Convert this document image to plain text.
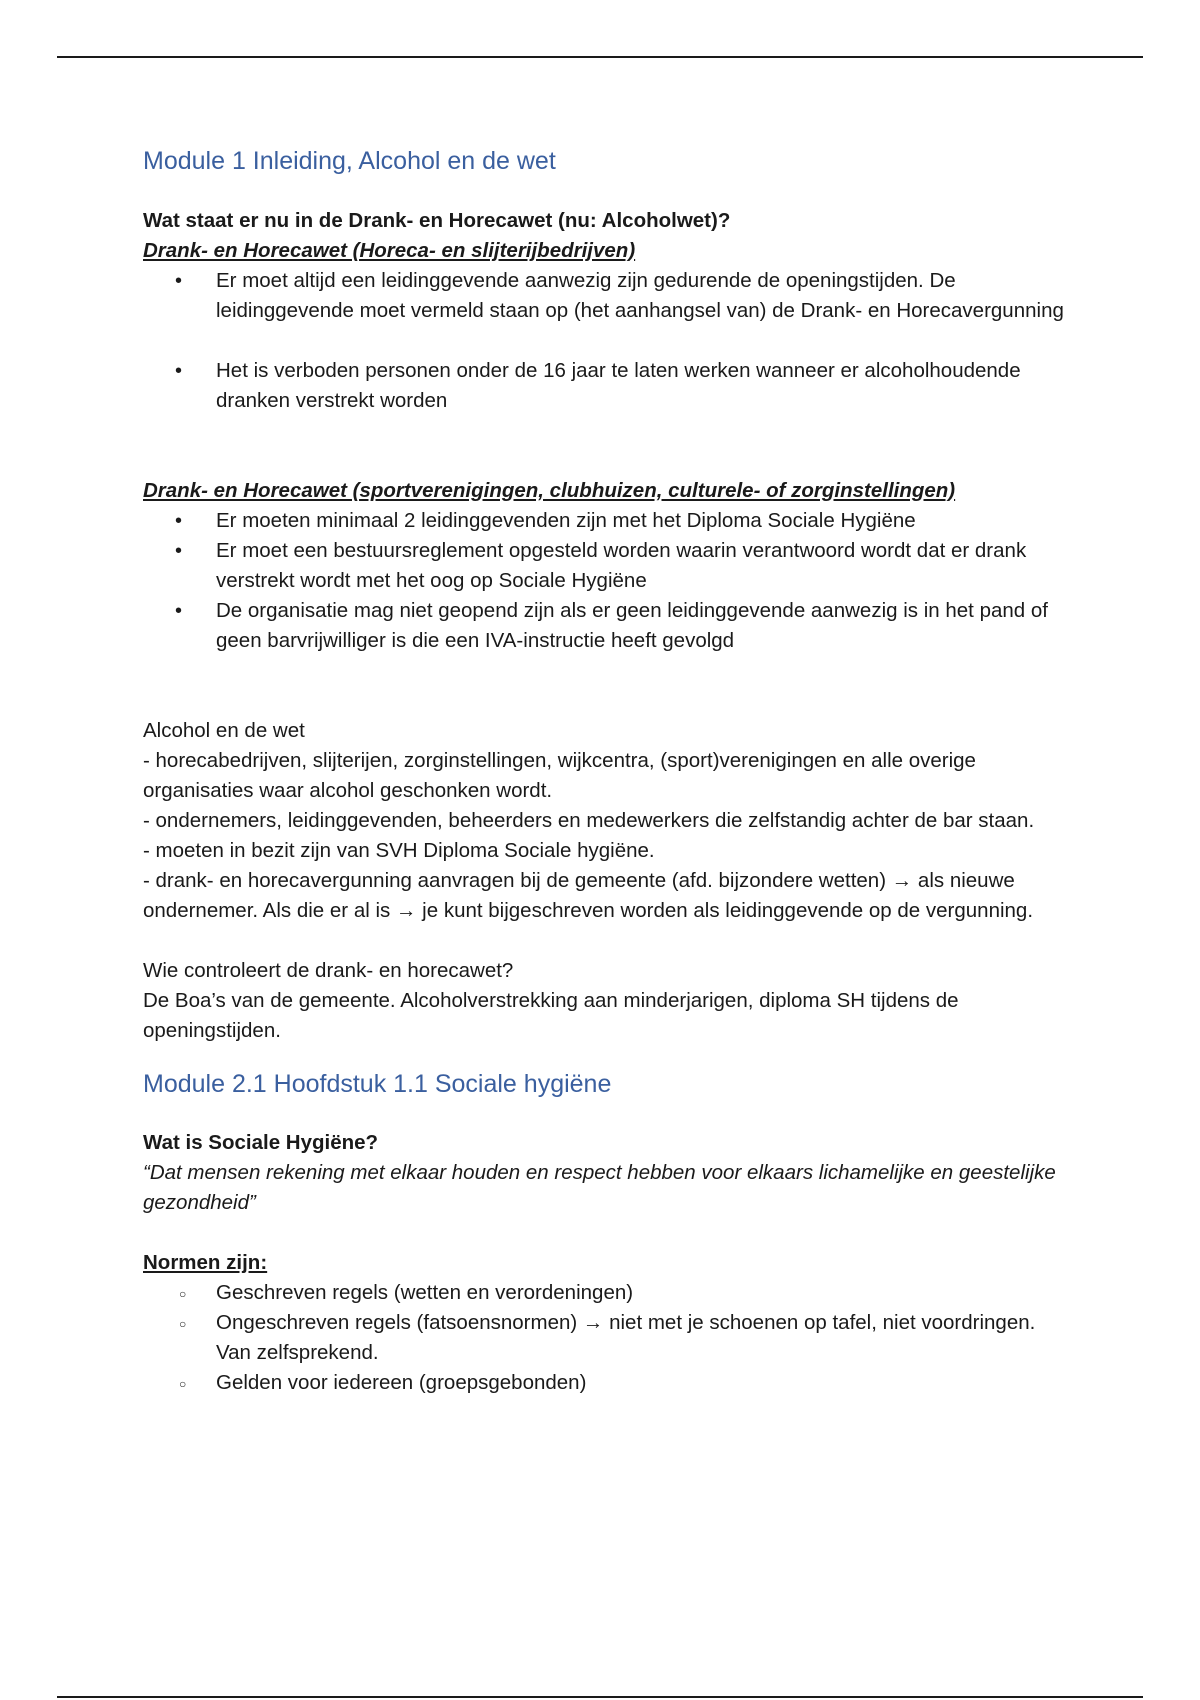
Module 1 Inleiding, Alcohol en de wet

Wat staat er nu in de Drank- en Horecawet (nu: Alcoholwet)?

Drank- en Horecawet (Horeca- en slijterijbedrijven)

• Er moet altijd een leidinggevende aanwezig zijn gedurende de openingstijden. De leidinggevende moet vermeld staan op (het aanhangsel van) de Drank- en Horecavergunning
• Het is verboden personen onder de 16 jaar te laten werken wanneer er alcoholhoudende dranken verstrekt worden

Drank- en Horecawet (sportverenigingen, clubhuizen, culturele- of zorginstellingen)

• Er moeten minimaal 2 leidinggevenden zijn met het Diploma Sociale Hygiëne
• Er moet een bestuursreglement opgesteld worden waarin verantwoord wordt dat er drank verstrekt wordt met het oog op Sociale Hygiëne
• De organisatie mag niet geopend zijn als er geen leidinggevende aanwezig is in het pand of geen barvrijwilliger is die een IVA-instructie heeft gevolgd

Alcohol en de wet

- horecabedrijven, slijterijen, zorginstellingen, wijkcentra, (sport)verenigingen en alle overige organisaties waar alcohol geschonken wordt.

- ondernemers, leidinggevenden, beheerders en medewerkers die zelfstandig achter de bar staan.

- moeten in bezit zijn van SVH Diploma Sociale hygiëne.

- drank- en horecavergunning aanvragen bij de gemeente (afd. bijzondere wetten) → als nieuwe ondernemer. Als die er al is → je kunt bijgeschreven worden als leidinggevende op de vergunning.

Wie controleert de drank- en horecawet?

De Boa’s van de gemeente. Alcoholverstrekking aan minderjarigen, diploma SH tijdens de openingstijden.

Module 2.1 Hoofdstuk 1.1 Sociale hygiëne

Wat is Sociale Hygiëne?

“Dat mensen rekening met elkaar houden en respect hebben voor elkaars lichamelijke en geestelijke gezondheid”

Normen zijn:

○ Geschreven regels (wetten en verordeningen)
○ Ongeschreven regels (fatsoensnormen) → niet met je schoenen op tafel, niet voordringen. Van zelfsprekend.
○ Gelden voor iedereen (groepsgebonden)
